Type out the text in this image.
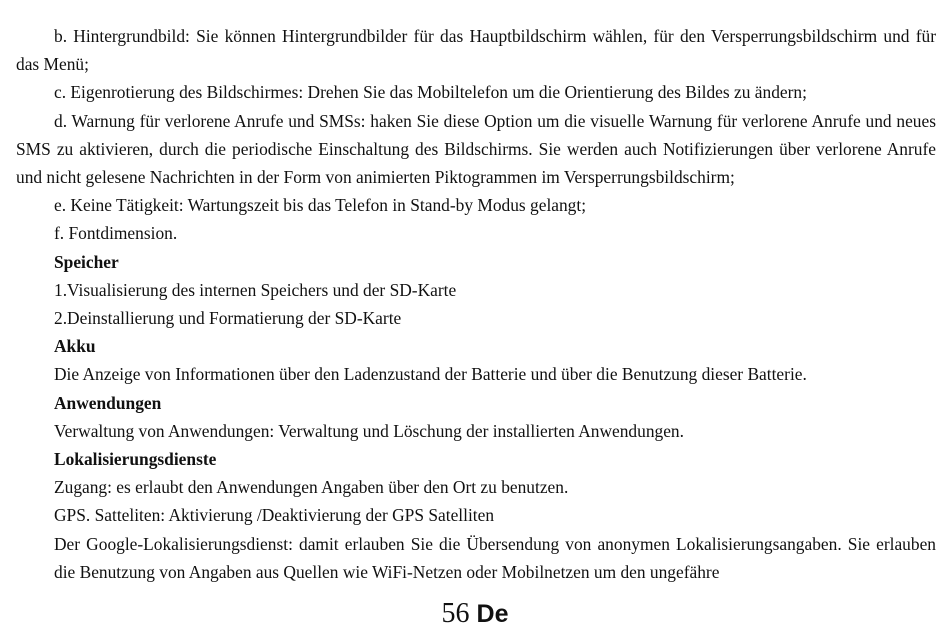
b. Hintergrundbild: Sie können Hintergrundbilder für das Hauptbildschirm wählen, für den Versperrungsbildschirm und für das Menü;

c. Eigenrotierung des Bildschirmes: Drehen Sie das Mobiltelefon um die Orientierung des Bildes zu ändern;

d. Warnung für verlorene Anrufe und SMSs: haken Sie diese Option um die visuelle Warnung für verlorene Anrufe und neues SMS zu aktivieren, durch die periodische Einschaltung des Bildschirms. Sie werden auch Notifizierungen über verlorene Anrufe und nicht gelesene Nachrichten in der Form von animierten Piktogrammen im Versperrungsbildschirm;

e. Keine Tätigkeit: Wartungszeit bis das Telefon in Stand-by Modus gelangt;

f. Fontdimension.

Speicher

1.Visualisierung des internen Speichers und der SD-Karte

2.Deinstallierung und Formatierung der SD-Karte

Akku

Die Anzeige von Informationen über den Ladenzustand der Batterie und über die Benutzung dieser Batterie.

Anwendungen

Verwaltung von Anwendungen: Verwaltung und Löschung der installierten Anwendungen.

Lokalisierungsdienste

Zugang: es erlaubt den Anwendungen Angaben über den Ort zu benutzen.

GPS. Satteliten: Aktivierung /Deaktivierung der GPS Satelliten

Der Google-Lokalisierungsdienst: damit erlauben Sie die Übersendung von anonymen Lokalisierungsangaben. Sie erlauben die Benutzung von Angaben aus Quellen wie WiFi-Netzen oder Mobilnetzen um den ungefähre

56 De
